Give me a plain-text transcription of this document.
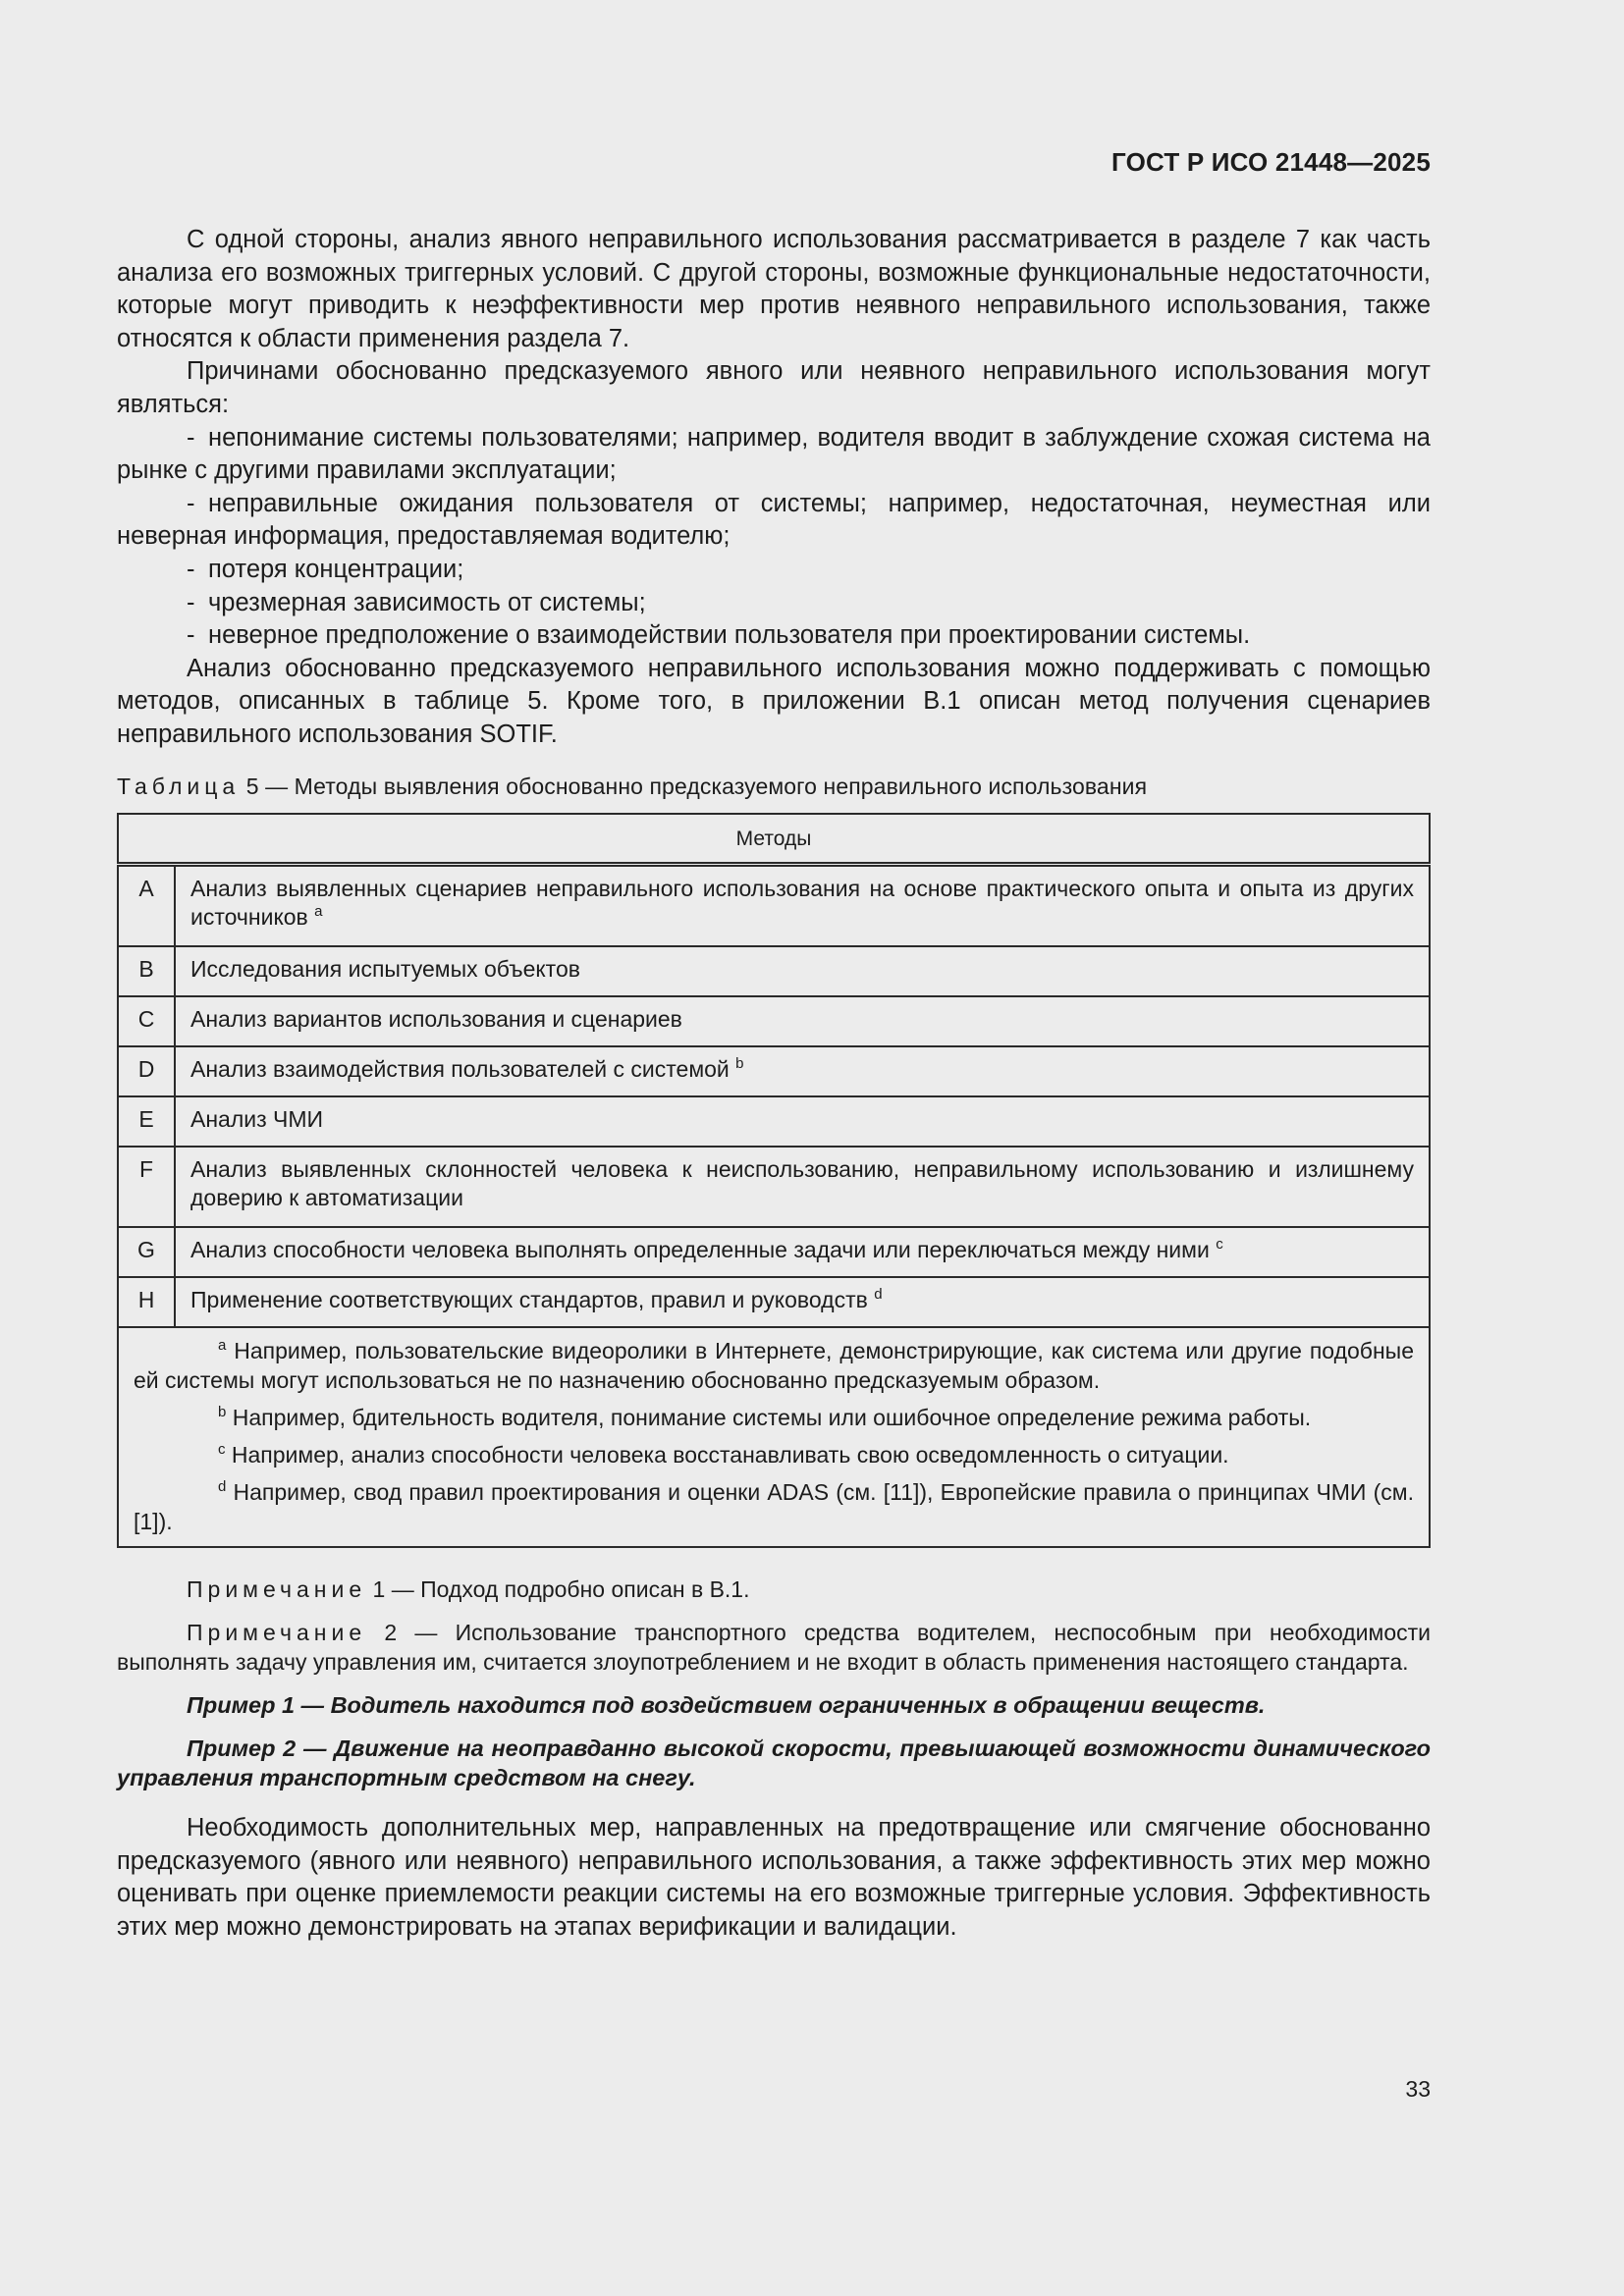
ГОСТ Р ИСО 21448—2025

С одной стороны, анализ явного неправильного использования рассматривается в разделе 7 как часть анализа его возможных триггерных условий. С другой стороны, возможные функциональные недостаточности, которые могут приводить к неэффективности мер против неявного неправильного использования, также относятся к области применения раздела 7.

Причинами обоснованно предсказуемого явного или неявного неправильного использования могут являться:

- непонимание системы пользователями; например, водителя вводит в заблуждение схожая система на рынке с другими правилами эксплуатации;

- неправильные ожидания пользователя от системы; например, недостаточная, неуместная или неверная информация, предоставляемая водителю;

- потеря концентрации;

- чрезмерная зависимость от системы;

- неверное предположение о взаимодействии пользователя при проектировании системы.

Анализ обоснованно предсказуемого неправильного использования можно поддерживать с помощью методов, описанных в таблице 5. Кроме того, в приложении В.1 описан метод получения сценариев неправильного использования SOTIF.

Таблица 5 — Методы выявления обоснованно предсказуемого неправильного использования
Методы	
A	Анализ выявленных сценариев неправильного использования на основе практического опыта и опыта из других источников $^a$
B	Исследования испытуемых объектов
C	Анализ вариантов использования и сценариев
D	Анализ взаимодействия пользователей с системой $^b$
E	Анализ ЧМИ
F	Анализ выявленных склонностей человека к неиспользованию, неправильному использованию и излишнему доверию к автоматизации
G	Анализ способности человека выполнять определенные задачи или переключаться между ними $^c$
H	Применение соответствующих стандартов, правил и руководств $^d$

$^a$ Например, пользовательские видеоролики в Интернете, демонстрирующие, как система или другие подобные ей системы могут использоваться не по назначению обоснованно предсказуемым образом.

$^b$ Например, бдительность водителя, понимание системы или ошибочное определение режима работы.

$^c$ Например, анализ способности человека восстанавливать свою осведомленность о ситуации.

$^d$ Например, свод правил проектирования и оценки ADAS (см. [11]), Европейские правила о принципах ЧМИ (см. [1]).	

Примечание 1 — Подход подробно описан в В.1.

Примечание 2 — Использование транспортного средства водителем, неспособным при необходимости выполнять задачу управления им, считается злоупотреблением и не входит в область применения настоящего стандарта.

Пример 1 — Водитель находится под воздействием ограниченных в обращении веществ.

Пример 2 — Движение на неоправданно высокой скорости, превышающей возможности динамического управления транспортным средством на снегу.

Необходимость дополнительных мер, направленных на предотвращение или смягчение обоснованно предсказуемого (явного или неявного) неправильного использования, а также эффективность этих мер можно оценивать при оценке приемлемости реакции системы на его возможные триггерные условия. Эффективность этих мер можно демонстрировать на этапах верификации и валидации.

33
